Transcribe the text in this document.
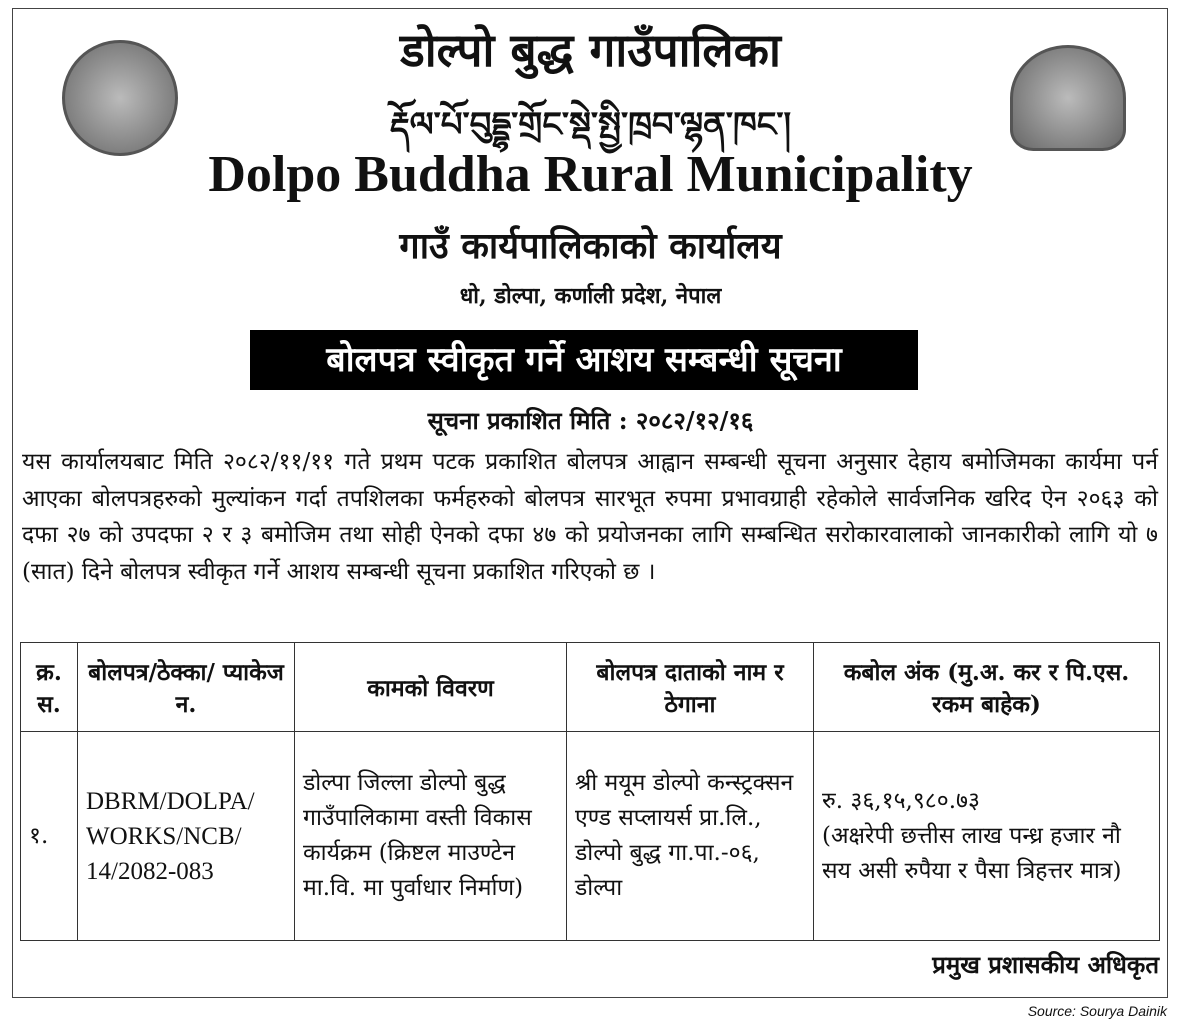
डोल्पो बुद्ध गाउँपालिका
རྡོལ་པོ་བུདྡྷ་གྲོང་སྡེ་སྤྱི་ཁྲབ་ལྷན་ཁང་།
Dolpo Buddha Rural Municipality
गाउँ कार्यपालिकाको कार्यालय
धो, डोल्पा, कर्णाली प्रदेश, नेपाल
बोलपत्र स्वीकृत गर्ने आशय सम्बन्धी सूचना
सूचना प्रकाशित मिति : २०८२/१२/१६
यस कार्यालयबाट मिति २०८२/११/११ गते प्रथम पटक प्रकाशित बोलपत्र आह्वान सम्बन्धी सूचना अनुसार देहाय बमोजिमका कार्यमा पर्न आएका बोलपत्रहरुको मुल्यांकन गर्दा तपशिलका फर्महरुको बोलपत्र सारभूत रुपमा प्रभावग्राही रहेकोले सार्वजनिक खरिद ऐन २०६३ को दफा २७ को उपदफा २ र ३ बमोजिम तथा सोही ऐनको दफा ४७ को प्रयोजनका लागि सम्बन्धित सरोकारवालाको जानकारीको लागि यो ७ (सात) दिने बोलपत्र स्वीकृत गर्ने आशय सम्बन्धी सूचना प्रकाशित गरिएको छ ।
क्र. स.	बोलपत्र/ठेक्का/ प्याकेज न.	कामको विवरण	बोलपत्र दाताको नाम र ठेगाना	कबोल अंक (मु.अ. कर र पि.एस. रकम बाहेक)
१.	DBRM/DOLPA/ WORKS/NCB/ 14/2082-083	डोल्पा जिल्ला डोल्पो बुद्ध गाउँपालिकामा वस्ती विकास कार्यक्रम (क्रिष्टल माउण्टेन मा.वि. मा पुर्वाधार निर्माण)	श्री मयूम डोल्पो कन्स्ट्रक्सन एण्ड सप्लायर्स प्रा.लि., डोल्पो बुद्ध गा.पा.-०६, डोल्पा	रु. ३६,१५,९८०.७३
(अक्षरेपी छत्तीस लाख पन्ध्र हजार नौ सय असी रुपैया र पैसा त्रिहत्तर मात्र)
प्रमुख प्रशासकीय अधिकृत
Source: Sourya Dainik
